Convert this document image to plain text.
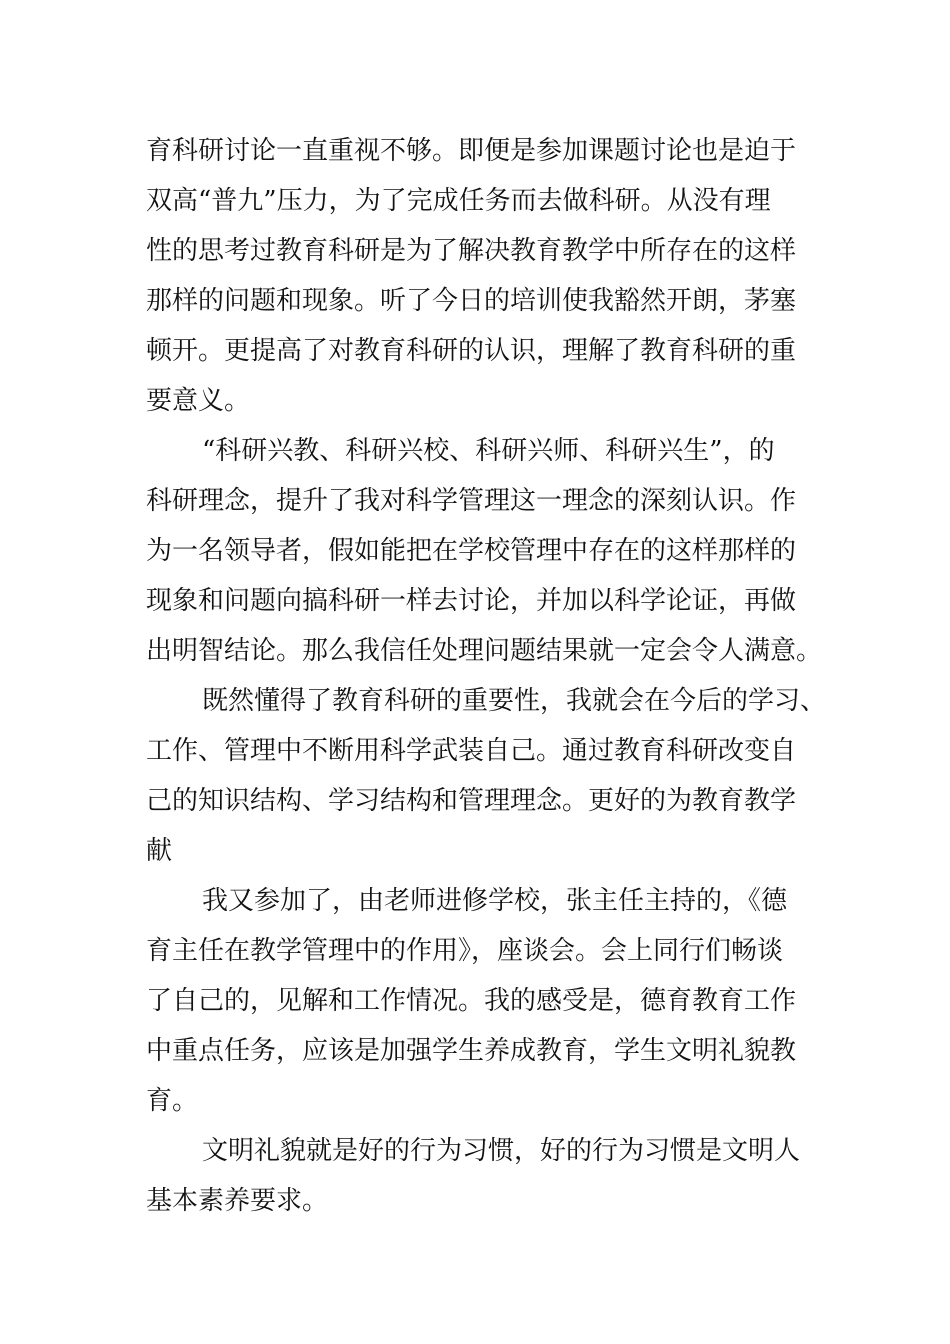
育科研讨论一直重视不够。即便是参加课题讨论也是迫于
双高“普九”压力，为了完成任务而去做科研。从没有理
性的思考过教育科研是为了解决教育教学中所存在的这样
那样的问题和现象。听了今日的培训使我豁然开朗，茅塞
顿开。更提高了对教育科研的认识，理解了教育科研的重
要意义。
“科研兴教、科研兴校、科研兴师、科研兴生”，的
科研理念，提升了我对科学管理这一理念的深刻认识。作
为一名领导者，假如能把在学校管理中存在的这样那样的
现象和问题向搞科研一样去讨论，并加以科学论证，再做
出明智结论。那么我信任处理问题结果就一定会令人满意。
既然懂得了教育科研的重要性，我就会在今后的学习、
工作、管理中不断用科学武装自己。通过教育科研改变自
己的知识结构、学习结构和管理理念。更好的为教育教学
献
我又参加了，由老师进修学校，张主任主持的，《德
育主任在教学管理中的作用》，座谈会。会上同行们畅谈
了自己的，见解和工作情况。我的感受是，德育教育工作
中重点任务，应该是加强学生养成教育，学生文明礼貌教
育。
文明礼貌就是好的行为习惯，好的行为习惯是文明人
基本素养要求。
